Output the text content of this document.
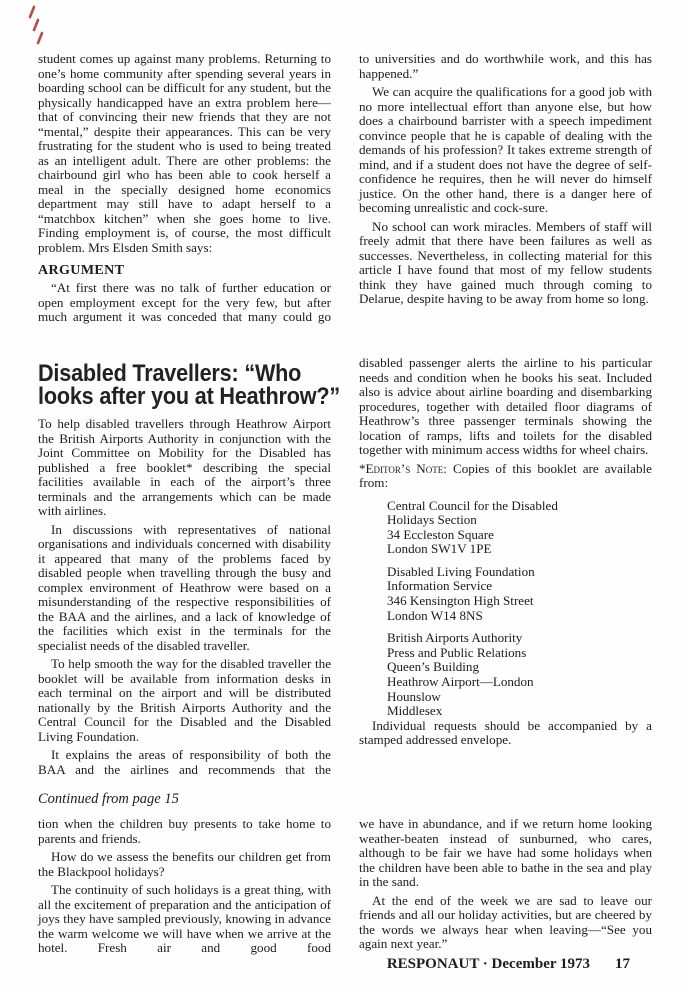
student comes up against many problems. Returning to one’s home community after spending several years in boarding school can be difficult for any student, but the physically handicapped have an extra problem here—that of convincing their new friends that they are not “mental,” despite their appearances. This can be very frustrating for the student who is used to being treated as an intelligent adult. There are other problems: the chairbound girl who has been able to cook herself a meal in the specially designed home economics department may still have to adapt herself to a “matchbox kitchen” when she goes home to live. Finding employment is, of course, the most difficult problem. Mrs Elsden Smith says:

ARGUMENT

“At first there was no talk of further education or open employment except for the very few, but after much argument it was conceded that many could go

to universities and do worthwhile work, and this has happened.”

We can acquire the qualifications for a good job with no more intellectual effort than anyone else, but how does a chairbound barrister with a speech impediment convince people that he is capable of dealing with the demands of his profession? It takes extreme strength of mind, and if a student does not have the degree of self-confidence he requires, then he will never do himself justice. On the other hand, there is a danger here of becoming unrealistic and cock-sure.

No school can work miracles. Members of staff will freely admit that there have been failures as well as successes. Nevertheless, in collecting material for this article I have found that most of my fellow students think they have gained much through coming to Delarue, despite having to be away from home so long.

Disabled Travellers: “Who
looks after you at Heathrow?”

To help disabled travellers through Heathrow Airport the British Airports Authority in conjunction with the Joint Committee on Mobility for the Disabled has published a free booklet* describing the special facilities available in each of the airport’s three terminals and the arrangements which can be made with airlines.

In discussions with representatives of national organisations and individuals concerned with disability it appeared that many of the problems faced by disabled people when travelling through the busy and complex environment of Heathrow were based on a misunderstanding of the respective responsibilities of the BAA and the airlines, and a lack of knowledge of the facilities which exist in the terminals for the specialist needs of the disabled traveller.

To help smooth the way for the disabled traveller the booklet will be available from information desks in each terminal on the airport and will be distributed nationally by the British Airports Authority and the Central Council for the Disabled and the Disabled Living Foundation.

It explains the areas of responsibility of both the BAA and the airlines and recommends that the

disabled passenger alerts the airline to his particular needs and condition when he books his seat. Included also is advice about airline boarding and disembarking procedures, together with detailed floor diagrams of Heathrow’s three passenger terminals showing the location of ramps, lifts and toilets for the disabled together with minimum access widths for wheel chairs.

*Editor’s Note: Copies of this booklet are available from:

Central Council for the Disabled
Holidays Section
34 Eccleston Square
London SW1V 1PE
Disabled Living Foundation
Information Service
346 Kensington High Street
London W14 8NS
British Airports Authority
Press and Public Relations
Queen’s Building
Heathrow Airport—London
Hounslow
Middlesex

Individual requests should be accompanied by a stamped addressed envelope.

Continued from page 15

tion when the children buy presents to take home to parents and friends.

How do we assess the benefits our children get from the Blackpool holidays?

The continuity of such holidays is a great thing, with all the excitement of preparation and the anticipation of joys they have sampled previously, knowing in advance the warm welcome we will have when we arrive at the hotel. Fresh air and good food

we have in abundance, and if we return home looking weather-beaten instead of sunburned, who cares, although to be fair we have had some holidays when the children have been able to bathe in the sea and play in the sand.

At the end of the week we are sad to leave our friends and all our holiday activities, but are cheered by the words we always hear when leaving—“See you again next year.”

RESPONAUT · December 1973 17
